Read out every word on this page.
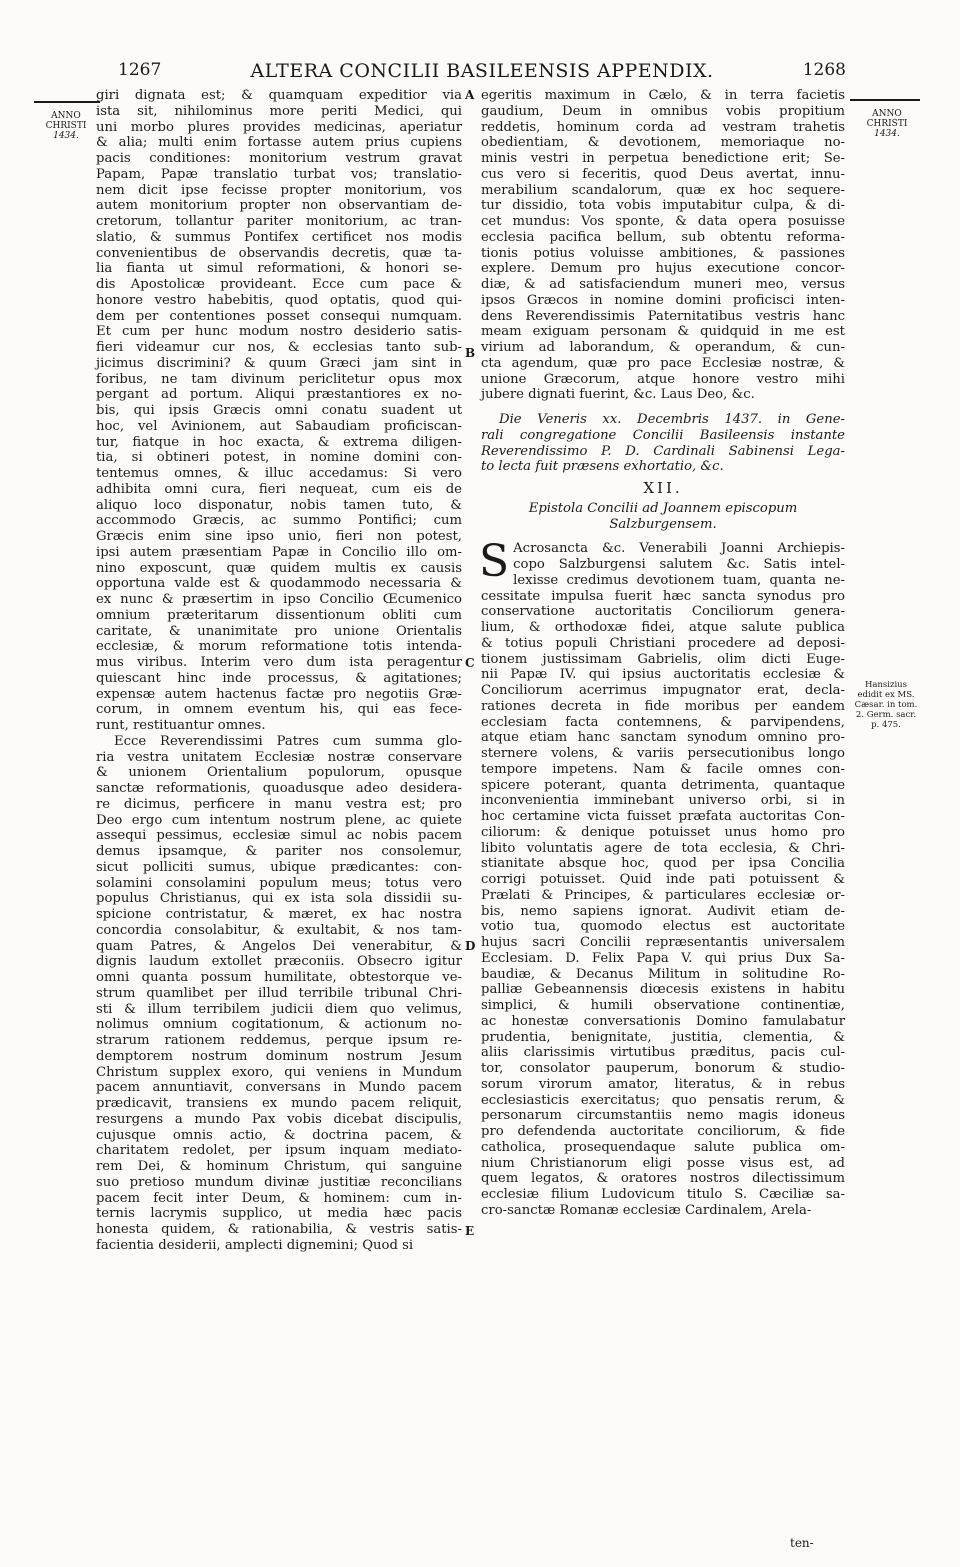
1267	ALTERA CONCILII BASILEENSIS APPENDIX.	1268
ANNO
CHRISTI
1434.
ANNO
CHRISTI
1434.
Hansizius
edidit ex MS.
Cæsar. in tom.
2. Germ. sacr.
p. 475.
A
B
C
D
E
giri dignata est; & quamquam expeditior via
ista sit, nihilominus more periti Medici, qui
uni morbo plures provides medicinas, aperiatur
& alia; multi enim fortasse autem prius cupiens
pacis conditiones: monitorium vestrum gravat
Papam, Papæ translatio turbat vos; translatio-
nem dicit ipse fecisse propter monitorium, vos
autem monitorium propter non observantiam de-
cretorum, tollantur pariter monitorium, ac tran-
slatio, & summus Pontifex certificet nos modis
convenientibus de observandis decretis, quæ ta-
lia fianta ut simul reformationi, & honori se-
dis Apostolicæ provideant. Ecce cum pace &
honore vestro habebitis, quod optatis, quod qui-
dem per contentiones posset consequi numquam.
Et cum per hunc modum nostro desiderio satis-
fieri videamur cur nos, & ecclesias tanto sub-
jicimus discrimini? & quum Græci jam sint in
foribus, ne tam divinum periclitetur opus mox
pergant ad portum. Aliqui præstantiores ex no-
bis, qui ipsis Græcis omni conatu suadent ut
hoc, vel Avinionem, aut Sabaudiam proficiscan-
tur, fiatque in hoc exacta, & extrema diligen-
tia, si obtineri potest, in nomine domini con-
tentemus omnes, & illuc accedamus: Si vero
adhibita omni cura, fieri nequeat, cum eis de
aliquo loco disponatur, nobis tamen tuto, &
accommodo Græcis, ac summo Pontifici; cum
Græcis enim sine ipso unio, fieri non potest,
ipsi autem præsentiam Papæ in Concilio illo om-
nino exposcunt, quæ quidem multis ex causis
opportuna valde est & quodammodo necessaria &
ex nunc & præsertim in ipso Concilio Œcumenico
omnium præteritarum dissentionum obliti cum
caritate, & unanimitate pro unione Orientalis
ecclesiæ, & morum reformatione totis intenda-
mus viribus. Interim vero dum ista peragentur
quiescant hinc inde processus, & agitationes;
expensæ autem hactenus factæ pro negotiis Græ-
corum, in omnem eventum his, qui eas fece-
runt, restituantur omnes.
Ecce Reverendissimi Patres cum summa glo-
ria vestra unitatem Ecclesiæ nostræ conservare
& unionem Orientalium populorum, opusque
sanctæ reformationis, quoadusque adeo desidera-
re dicimus, perficere in manu vestra est; pro
Deo ergo cum intentum nostrum plene, ac quiete
assequi pessimus, ecclesiæ simul ac nobis pacem
demus ipsamque, & pariter nos consolemur,
sicut polliciti sumus, ubique prædicantes: con-
solamini consolamini populum meus; totus vero
populus Christianus, qui ex ista sola dissidii su-
spicione contristatur, & mæret, ex hac nostra
concordia consolabitur, & exultabit, & nos tam-
quam Patres, & Angelos Dei venerabitur, &
dignis laudum extollet præconiis. Obsecro igitur
omni quanta possum humilitate, obtestorque ve-
strum quamlibet per illud terribile tribunal Chri-
sti & illum terribilem judicii diem quo velimus,
nolimus omnium cogitationum, & actionum no-
strarum rationem reddemus, perque ipsum re-
demptorem nostrum dominum nostrum Jesum
Christum supplex exoro, qui veniens in Mundum
pacem annuntiavit, conversans in Mundo pacem
prædicavit, transiens ex mundo pacem reliquit,
resurgens a mundo Pax vobis dicebat discipulis,
cujusque omnis actio, & doctrina pacem, &
charitatem redolet, per ipsum inquam mediato-
rem Dei, & hominum Christum, qui sanguine
suo pretioso mundum divinæ justitiæ reconcilians
pacem fecit inter Deum, & hominem: cum in-
ternis lacrymis supplico, ut media hæc pacis
honesta quidem, & rationabilia, & vestris satis-
facientia desiderii, amplecti dignemini; Quod si
egeritis maximum in Cælo, & in terra facietis
gaudium, Deum in omnibus vobis propitium
reddetis, hominum corda ad vestram trahetis
obedientiam, & devotionem, memoriaque no-
minis vestri in perpetua benedictione erit; Se-
cus vero si feceritis, quod Deus avertat, innu-
merabilium scandalorum, quæ ex hoc sequere-
tur dissidio, tota vobis imputabitur culpa, & di-
cet mundus: Vos sponte, & data opera posuisse
ecclesia pacifica bellum, sub obtentu reforma-
tionis potius voluisse ambitiones, & passiones
explere. Demum pro hujus executione concor-
diæ, & ad satisfaciendum muneri meo, versus
ipsos Græcos in nomine domini proficisci inten-
dens Reverendissimis Paternitatibus vestris hanc
meam exiguam personam & quidquid in me est
virium ad laborandum, & operandum, & cun-
cta agendum, quæ pro pace Ecclesiæ nostræ, &
unione Græcorum, atque honore vestro mihi
jubere dignati fuerint, &c. Laus Deo, &c.
Die Veneris xx. Decembris 1437. in Gene-
rali congregatione Concilii Basileensis instante
Reverendissimo P. D. Cardinali Sabinensi Lega-
to lecta fuit præsens exhortatio, &c.
XII.
Epistola Concilii ad Joannem episcopum
Salzburgensem.
S Acrosancta &c. Venerabili Joanni Archiepis-
copo Salzburgensi salutem &c. Satis intel-
lexisse credimus devotionem tuam, quanta ne-
cessitate impulsa fuerit hæc sancta synodus pro
conservatione auctoritatis Conciliorum genera-
lium, & orthodoxæ fidei, atque salute publica
& totius populi Christiani procedere ad deposi-
tionem justissimam Gabrielis, olim dicti Euge-
nii Papæ IV. qui ipsius auctoritatis ecclesiæ &
Conciliorum acerrimus impugnator erat, decla-
rationes decreta in fide moribus per eandem
ecclesiam facta contemnens, & parvipendens,
atque etiam hanc sanctam synodum omnino pro-
sternere volens, & variis persecutionibus longo
tempore impetens. Nam & facile omnes con-
spicere poterant, quanta detrimenta, quantaque
inconvenientia imminebant universo orbi, si in
hoc certamine victa fuisset præfata auctoritas Con-
ciliorum: & denique potuisset unus homo pro
libito voluntatis agere de tota ecclesia, & Chri-
stianitate absque hoc, quod per ipsa Concilia
corrigi potuisset. Quid inde pati potuissent &
Prælati & Principes, & particulares ecclesiæ or-
bis, nemo sapiens ignorat. Audivit etiam de-
votio tua, quomodo electus est auctoritate
hujus sacri Concilii repræsentantis universalem
Ecclesiam. D. Felix Papa V. qui prius Dux Sa-
baudiæ, & Decanus Militum in solitudine Ro-
palliæ Gebeannensis diœcesis existens in habitu
simplici, & humili observatione continentiæ,
ac honestæ conversationis Domino famulabatur
prudentia, benignitate, justitia, clementia, &
aliis clarissimis virtutibus præditus, pacis cul-
tor, consolator pauperum, bonorum & studio-
sorum virorum amator, literatus, & in rebus
ecclesiasticis exercitatus; quo pensatis rerum, &
personarum circumstantiis nemo magis idoneus
pro defendenda auctoritate conciliorum, & fide
catholica, prosequendaque salute publica om-
nium Christianorum eligi posse visus est, ad
quem legatos, & oratores nostros dilectissimum
ecclesiæ filium Ludovicum titulo S. Cæciliæ sa-
cro-sanctæ Romanæ ecclesiæ Cardinalem, Arela-
ten-
